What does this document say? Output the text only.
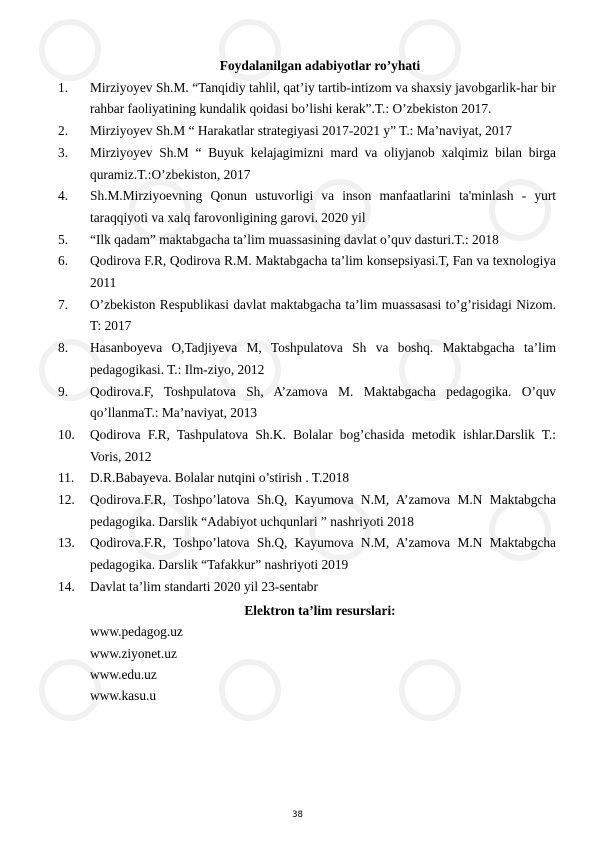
Foydalanilgan adabiyotlar ro’yhati

1. Mirziyoyev Sh.M. “Tanqidiy tahlil, qat’iy tartib-intizom va shaxsiy javobgarlik-har bir rahbar faoliyatining kundalik qoidasi bo’lishi kerak”.T.: O’zbekiston 2017.
2. Mirziyoyev Sh.M “ Harakatlar strategiyasi 2017-2021 y” T.: Ma’naviyat, 2017
3. Mirziyoyev Sh.M “ Buyuk kelajagimizni mard va oliyjanob xalqimiz bilan birga quramiz.T.:O’zbekiston, 2017
4. Sh.M.Mirziyoevning Qonun ustuvorligi va inson manfaatlarini ta'minlash - yurt taraqqiyoti va xalq farovonligining garovi. 2020 yil
5. “Ilk qadam” maktabgacha ta’lim muassasining davlat o’quv dasturi.T.: 2018
6. Qodirova F.R, Qodirova R.M. Maktabgacha ta’lim konsepsiyasi.T, Fan va texnologiya 2011
7. O’zbekiston Respublikasi davlat maktabgacha ta’lim muassasasi to’g’risidagi Nizom. T: 2017
8. Hasanboyeva O,Tadjiyeva M, Toshpulatova Sh va boshq. Maktabgacha ta’lim pedagogikasi. T.: Ilm-ziyo, 2012
9. Qodirova.F, Toshpulatova Sh, A’zamova M. Maktabgacha pedagogika. O’quv qo’llanmaT.: Ma’naviyat, 2013
10. Qodirova F.R, Tashpulatova Sh.K. Bolalar bog’chasida metodik ishlar.Darslik T.: Voris, 2012
11. D.R.Babayeva. Bolalar nutqini o’stirish . T.2018
12. Qodirova.F.R, Toshpo’latova Sh.Q, Kayumova N.M, A’zamova M.N Maktabgcha pedagogika. Darslik “Adabiyot uchqunlari ” nashriyoti 2018
13. Qodirova.F.R, Toshpo’latova Sh.Q, Kayumova N.M, A’zamova M.N Maktabgcha pedagogika. Darslik “Tafakkur” nashriyoti 2019
14. Davlat ta’lim standarti 2020 yil 23-sentabr

Elektron ta’lim resurslari:

www.pedagog.uz
www.ziyonet.uz
www.edu.uz
www.kasu.u
38
